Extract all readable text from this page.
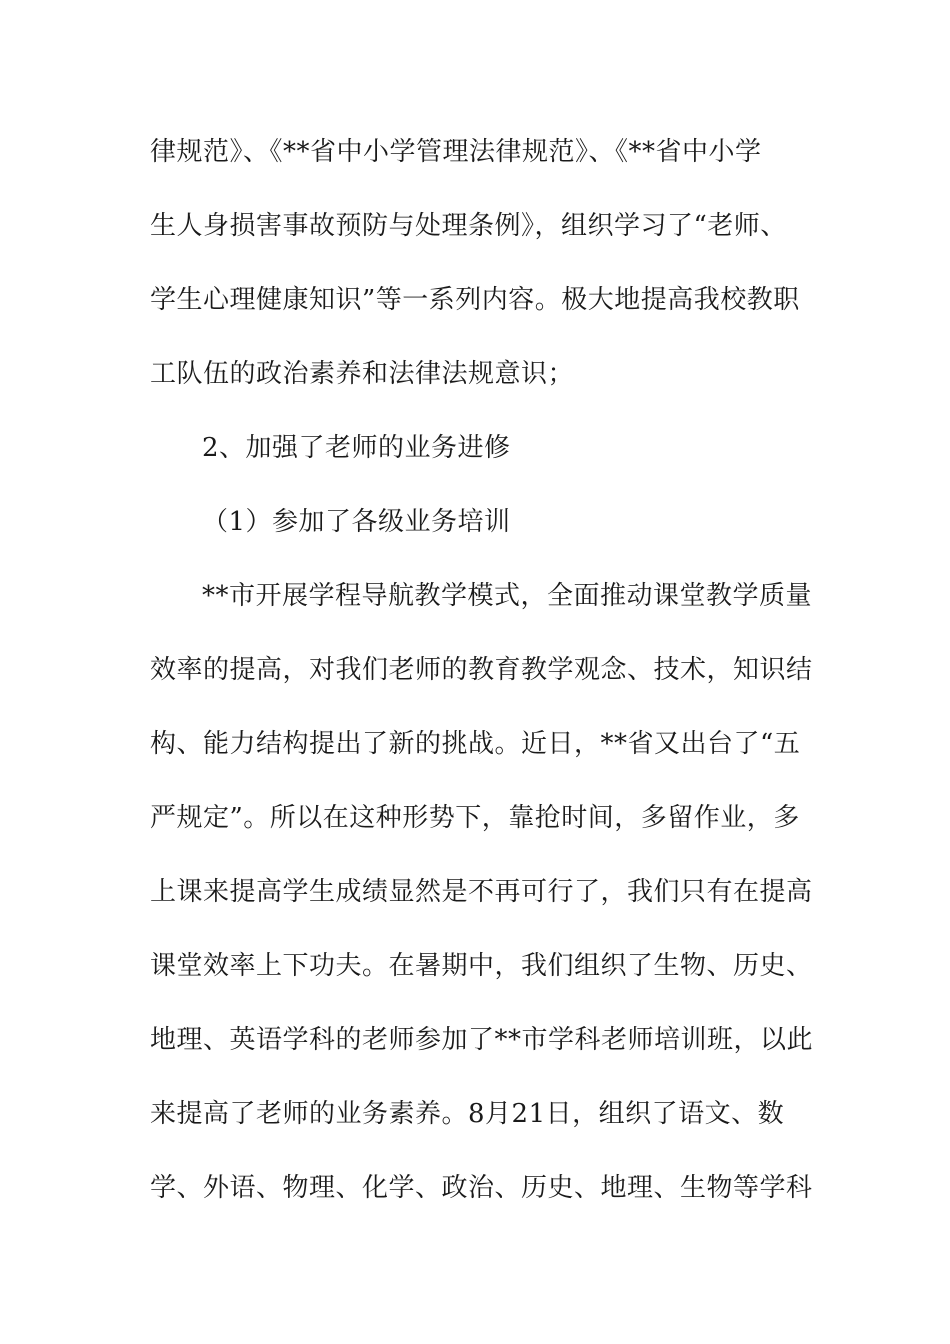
律规范》、《**省中小学管理法律规范》、《**省中小学
生人身损害事故预防与处理条例》，组织学习了“老师、
学生心理健康知识”等一系列内容。极大地提高我校教职
工队伍的政治素养和法律法规意识；
2、加强了老师的业务进修
（1）参加了各级业务培训
**市开展学程导航教学模式，全面推动课堂教学质量
效率的提高，对我们老师的教育教学观念、技术，知识结
构、能力结构提出了新的挑战。近日，**省又出台了“五
严规定”。所以在这种形势下，靠抢时间，多留作业，多
上课来提高学生成绩显然是不再可行了，我们只有在提高
课堂效率上下功夫。在暑期中，我们组织了生物、历史、
地理、英语学科的老师参加了**市学科老师培训班，以此
来提高了老师的业务素养。8月21日，组织了语文、数
学、外语、物理、化学、政治、历史、地理、生物等学科
